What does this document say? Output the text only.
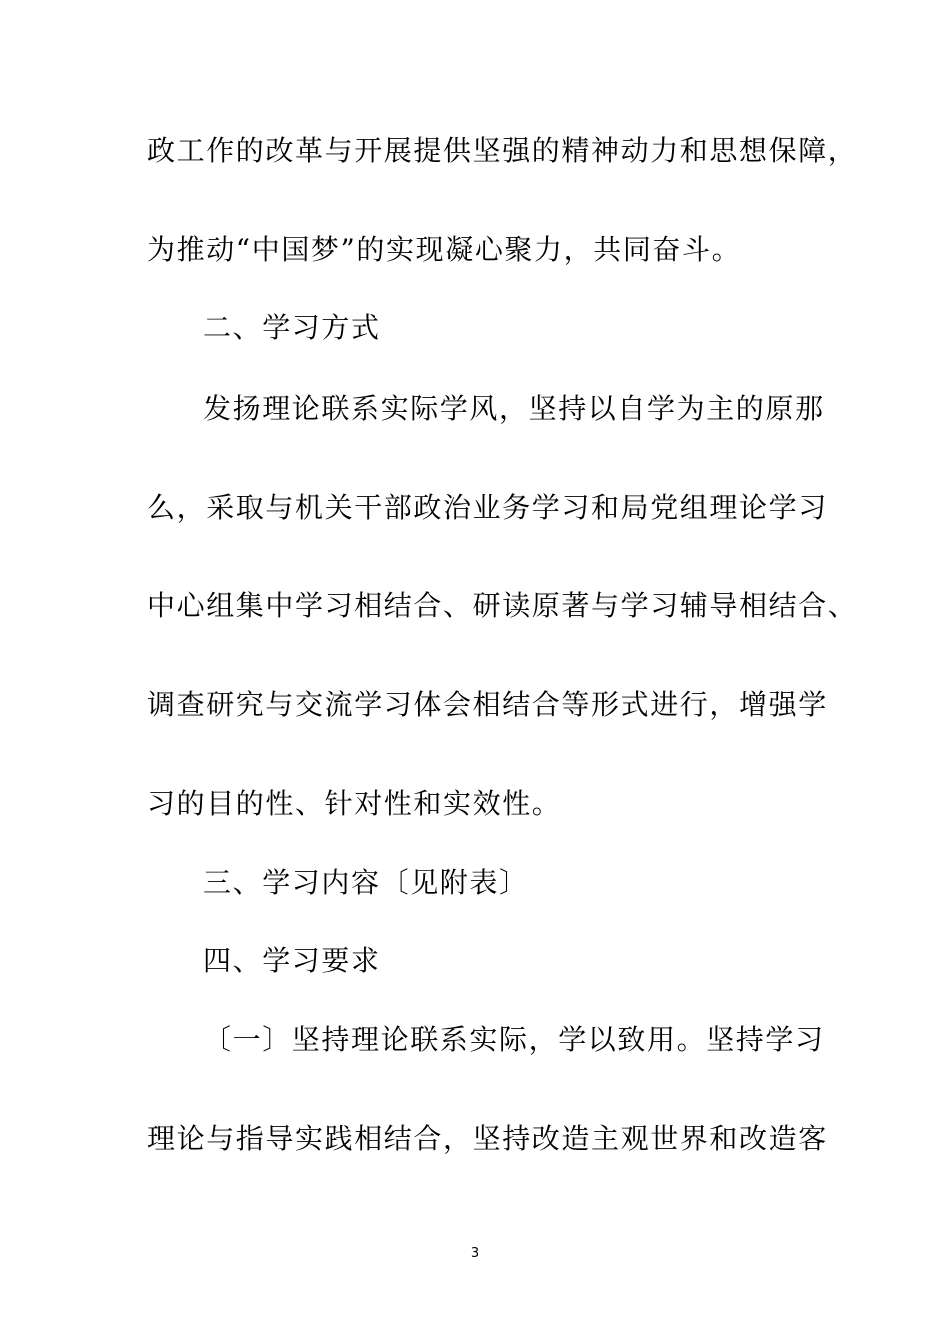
政工作的改革与开展提供坚强的精神动力和思想保障，
为推动“中国梦”的实现凝心聚力，共同奋斗。
二、学习方式
发扬理论联系实际学风，坚持以自学为主的原那
么，采取与机关干部政治业务学习和局党组理论学习
中心组集中学习相结合、研读原著与学习辅导相结合、
调查研究与交流学习体会相结合等形式进行，增强学
习的目的性、针对性和实效性。
三、学习内容〔见附表〕
四、学习要求
〔一〕坚持理论联系实际，学以致用。坚持学习
理论与指导实践相结合，坚持改造主观世界和改造客
3
